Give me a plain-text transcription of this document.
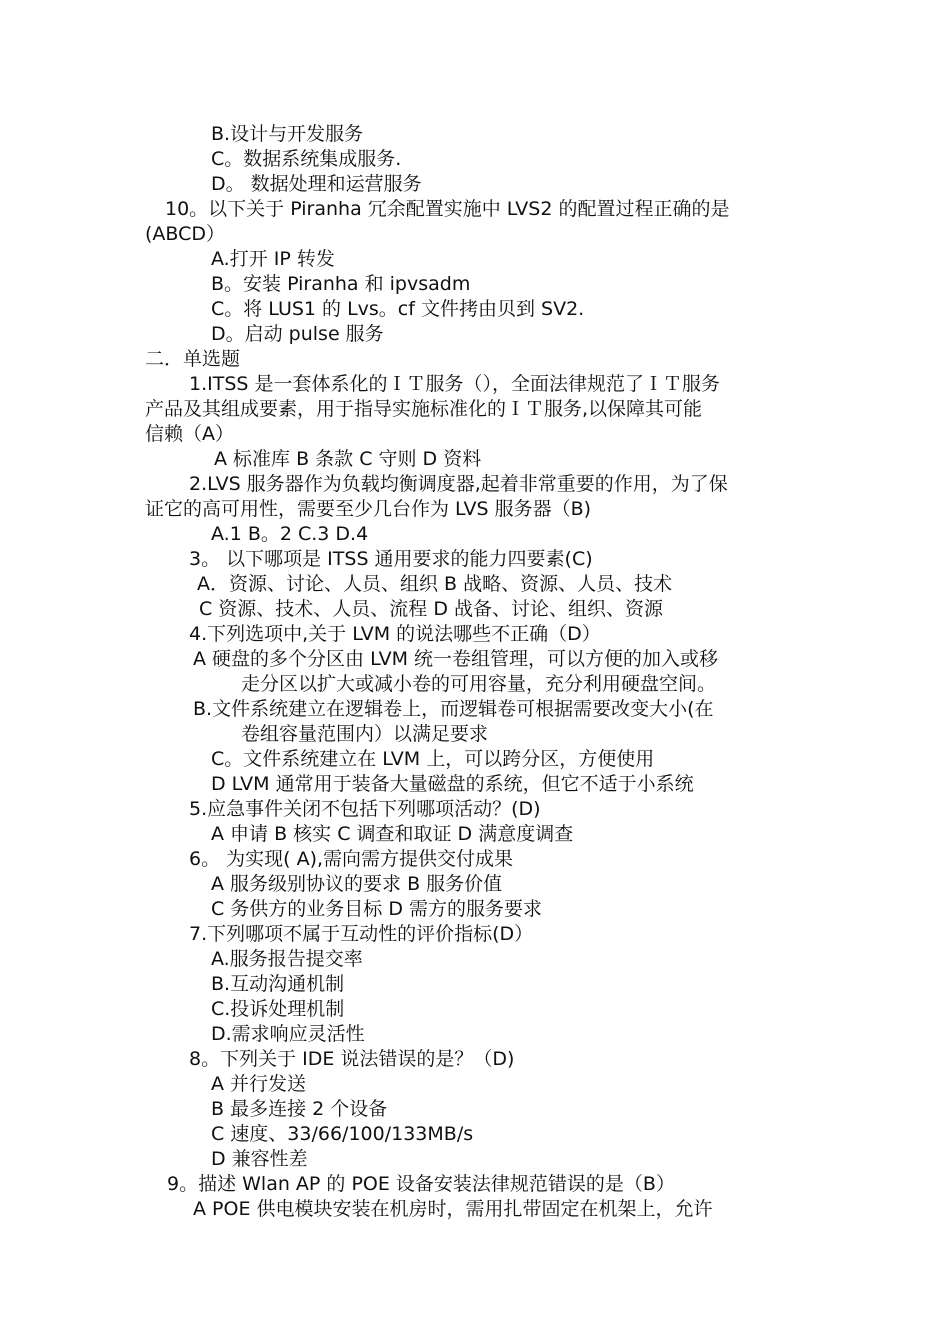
B.设计与开发服务
C。数据系统集成服务.
D。 数据处理和运营服务
10。以下关于 Piranha 冗余配置实施中 LVS2 的配置过程正确的是
(ABCD）
A.打开 IP 转发
B。安装 Piranha 和 ipvsadm
C。将 LUS1 的 Lvs。cf 文件拷由贝到 SV2.
D。启动 pulse 服务
二．单选题
1.ITSS 是一套体系化的ＩＴ服务（），全面法律规范了ＩＴ服务
产品及其组成要素，用于指导实施标准化的ＩＴ服务,以保障其可能
信赖（A）
A 标准库 B 条款 C 守则 D 资料
2.LVS 服务器作为负载均衡调度器,起着非常重要的作用，为了保
证它的高可用性，需要至少几台作为 LVS 服务器（B)
A.1 B。2 C.3 D.4
3。 以下哪项是 ITSS 通用要求的能力四要素(C)
A．资源、讨论、人员、组织 B 战略、资源、人员、技术
C 资源、技术、人员、流程 D 战备、讨论、组织、资源
4.下列选项中,关于 LVM 的说法哪些不正确（D）
A 硬盘的多个分区由 LVM 统一卷组管理，可以方便的加入或移
走分区以扩大或减小卷的可用容量，充分利用硬盘空间。
B.文件系统建立在逻辑卷上，而逻辑卷可根据需要改变大小(在
卷组容量范围内）以满足要求
C。文件系统建立在 LVM 上，可以跨分区，方便使用
D LVM 通常用于装备大量磁盘的系统，但它不适于小系统
5.应急事件关闭不包括下列哪项活动？(D)
A 申请 B 核实 C 调查和取证 D 满意度调查
6。 为实现( A),需向需方提供交付成果
A 服务级别协议的要求 B 服务价值
C 务供方的业务目标 D 需方的服务要求
7.下列哪项不属于互动性的评价指标(D）
A.服务报告提交率
B.互动沟通机制
C.投诉处理机制
D.需求响应灵活性
8。下列关于 IDE 说法错误的是？（D)
A 并行发送
B 最多连接 2 个设备
C 速度、33/66/100/133MB/s
D 兼容性差
9。描述 Wlan AP 的 POE 设备安装法律规范错误的是（B）
A POE 供电模块安装在机房时，需用扎带固定在机架上，允许
